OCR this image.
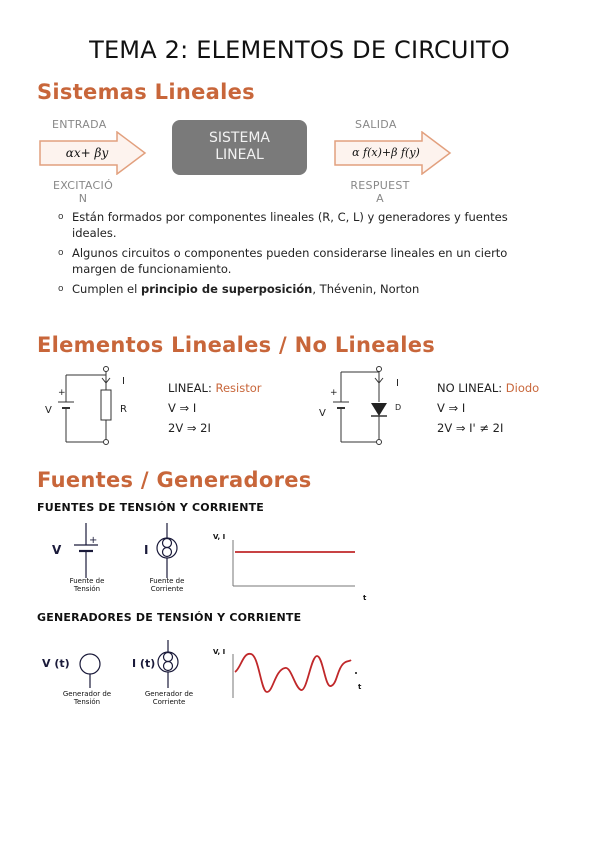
TEMA 2: ELEMENTOS DE CIRCUITO
Sistemas Lineales
ENTRADA
αx+ βy
EXCITACIÓ
N
SISTEMA
LINEAL
SALIDA
α f(x)+β f(y)
RESPUEST
A
o Están formados por componentes lineales (R, C, L) y generadores y fuentes ideales.
o Algunos circuitos o componentes pueden considerarse lineales en un cierto margen de funcionamiento.
o Cumplen el principio de superposición, Thévenin, Norton
Elementos Lineales / No Lineales
I
V
+
R
LINEAL: Resistor
V ⇒ I
2V ⇒ 2I
I
V
+
D
NO LINEAL: Diodo
V ⇒ I
2V ⇒ I' ≠ 2I
Fuentes / Generadores
FUENTES DE TENSIÓN Y CORRIENTE
V
+
Fuente de
Tensión
I
Fuente de
Corriente
V, I
t
GENERADORES DE TENSIÓN Y CORRIENTE
V (t)
Generador de
Tensión
I (t)
Generador de
Corriente
V, I
t
